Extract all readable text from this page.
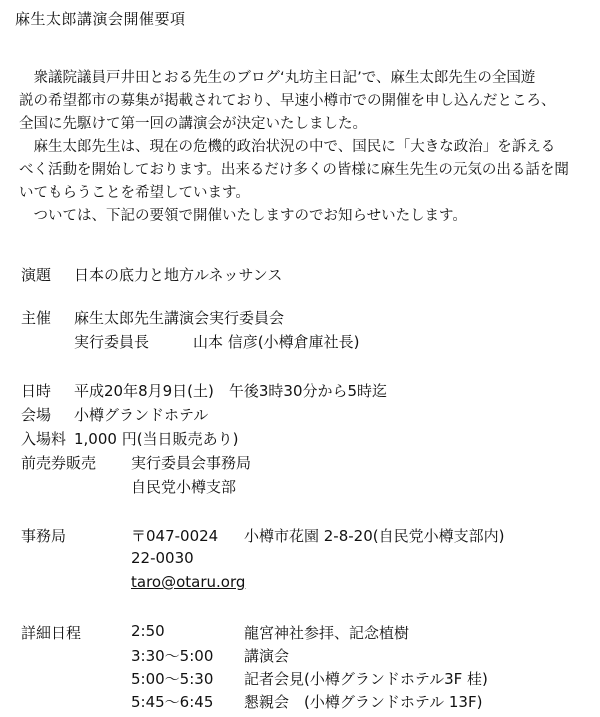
麻生太郎講演会開催要項
　衆議院議員戸井田とおる先生のブログ‘丸坊主日記’で、麻生太郎先生の全国遊
説の希望都市の募集が掲載されており、早速小樽市での開催を申し込んだところ、
全国に先駆けて第一回の講演会が決定いたしました。
　麻生太郎先生は、現在の危機的政治状況の中で、国民に「大きな政治」を訴える
べく活動を開始しております。出来るだけ多くの皆様に麻生先生の元気の出る話を聞
いてもらうことを希望しています。
　ついては、下記の要領で開催いたしますのでお知らせいたします。
演題 日本の底力と地方ルネッサンス
主催 麻生太郎先生講演会実行委員会
実行委員長	山本 信彦(小樽倉庫社長)
日時 平成20年8月9日(土)　午後3時30分から5時迄
会場 小樽グランドホテル
入場料 1,000 円(当日販売あり)
前売券販売 実行委員会事務局
自民党小樽支部
事務局	〒047-0024 小樽市花園 2-8-20(自民党小樽支部内)
22-0030
taro@otaru.org
詳細日程	2:50	龍宮神社参拝、記念植樹
3:30～5:00 講演会
5:00～5:30 記者会見(小樽グランドホテル3F 桂)
5:45～6:45 懇親会　(小樽グランドホテル 13F)
